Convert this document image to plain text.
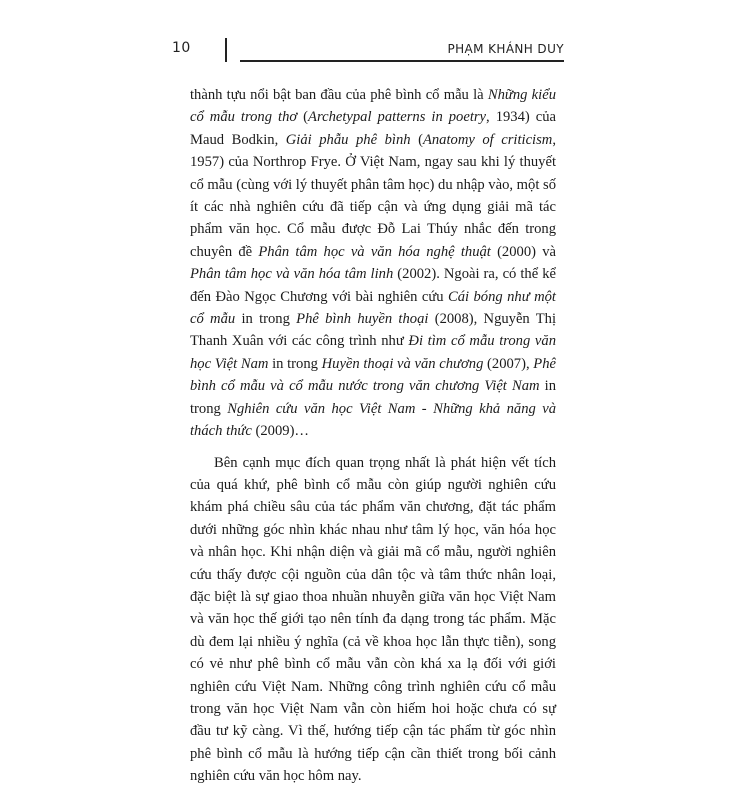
10	PHẠM KHÁNH DUY

thành tựu nổi bật ban đầu của phê bình cổ mẫu là Những kiểu cổ mẫu trong thơ (Archetypal patterns in poetry, 1934) của Maud Bodkin, Giải phẫu phê bình (Anatomy of criticism, 1957) của Northrop Frye. Ở Việt Nam, ngay sau khi lý thuyết cổ mẫu (cùng với lý thuyết phân tâm học) du nhập vào, một số ít các nhà nghiên cứu đã tiếp cận và ứng dụng giải mã tác phẩm văn học. Cổ mẫu được Đỗ Lai Thúy nhắc đến trong chuyên đề Phân tâm học và văn hóa nghệ thuật (2000) và Phân tâm học và văn hóa tâm linh (2002). Ngoài ra, có thể kể đến Đào Ngọc Chương với bài nghiên cứu Cái bóng như một cổ mẫu in trong Phê bình huyền thoại (2008), Nguyễn Thị Thanh Xuân với các công trình như Đi tìm cổ mẫu trong văn học Việt Nam in trong Huyền thoại và văn chương (2007), Phê bình cổ mẫu và cổ mẫu nước trong văn chương Việt Nam in trong Nghiên cứu văn học Việt Nam - Những khả năng và thách thức (2009)…

Bên cạnh mục đích quan trọng nhất là phát hiện vết tích của quá khứ, phê bình cổ mẫu còn giúp người nghiên cứu khám phá chiều sâu của tác phẩm văn chương, đặt tác phẩm dưới những góc nhìn khác nhau như tâm lý học, văn hóa học và nhân học. Khi nhận diện và giải mã cổ mẫu, người nghiên cứu thấy được cội nguồn của dân tộc và tâm thức nhân loại, đặc biệt là sự giao thoa nhuần nhuyễn giữa văn học Việt Nam và văn học thế giới tạo nên tính đa dạng trong tác phẩm. Mặc dù đem lại nhiều ý nghĩa (cả về khoa học lẫn thực tiễn), song có vẻ như phê bình cổ mẫu vẫn còn khá xa lạ đối với giới nghiên cứu Việt Nam. Những công trình nghiên cứu cổ mẫu trong văn học Việt Nam vẫn còn hiếm hoi hoặc chưa có sự đầu tư kỹ càng. Vì thế, hướng tiếp cận tác phẩm từ góc nhìn phê bình cổ mẫu là hướng tiếp cận cần thiết trong bối cảnh nghiên cứu văn học hôm nay.
